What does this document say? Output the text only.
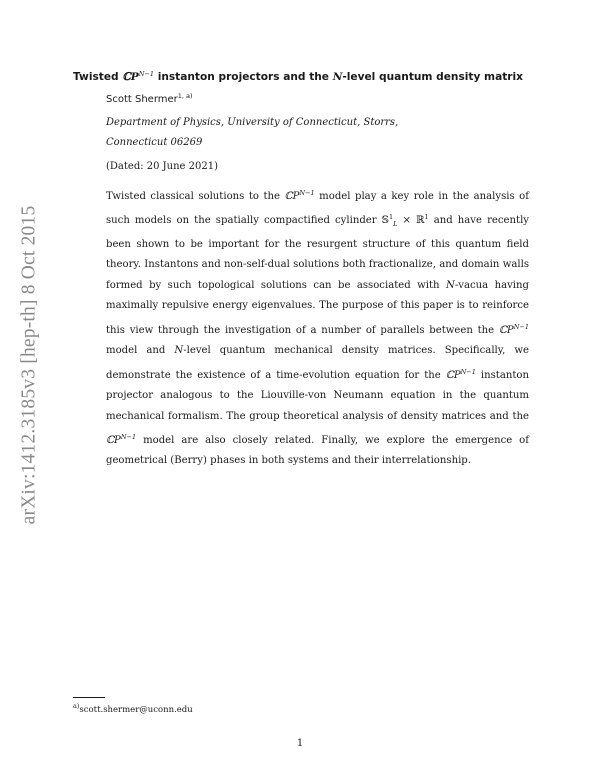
arXiv:1412.3185v3 [hep-th] 8 Oct 2015
Twisted ℂP$^{N-1}$ instanton projectors and the N-level quantum density matrix
Scott Shermer$^{1, a)}$
Department of Physics, University of Connecticut, Storrs,
Connecticut 06269
(Dated: 20 June 2021)

Twisted classical solutions to the ℂP$^{N-1}$ model play a key role in the analysis of such models on the spatially compactified cylinder 𝕊$^1_L$ × ℝ$^1$ and have recently been shown to be important for the resurgent structure of this quantum field theory. Instantons and non-self-dual solutions both fractionalize, and domain walls formed by such topological solutions can be associated with N-vacua having maximally repulsive energy eigenvalues. The purpose of this paper is to reinforce this view through the investigation of a number of parallels between the ℂP$^{N-1}$ model and N-level quantum mechanical density matrices. Specifically, we demonstrate the existence of a time-evolution equation for the ℂP$^{N-1}$ instanton projector analogous to the Liouville-von Neumann equation in the quantum mechanical formalism. The group theoretical analysis of density matrices and the ℂP$^{N-1}$ model are also closely related. Finally, we explore the emergence of geometrical (Berry) phases in both systems and their interrelationship.

$^{a)}$scott.shermer@uconn.edu
1
